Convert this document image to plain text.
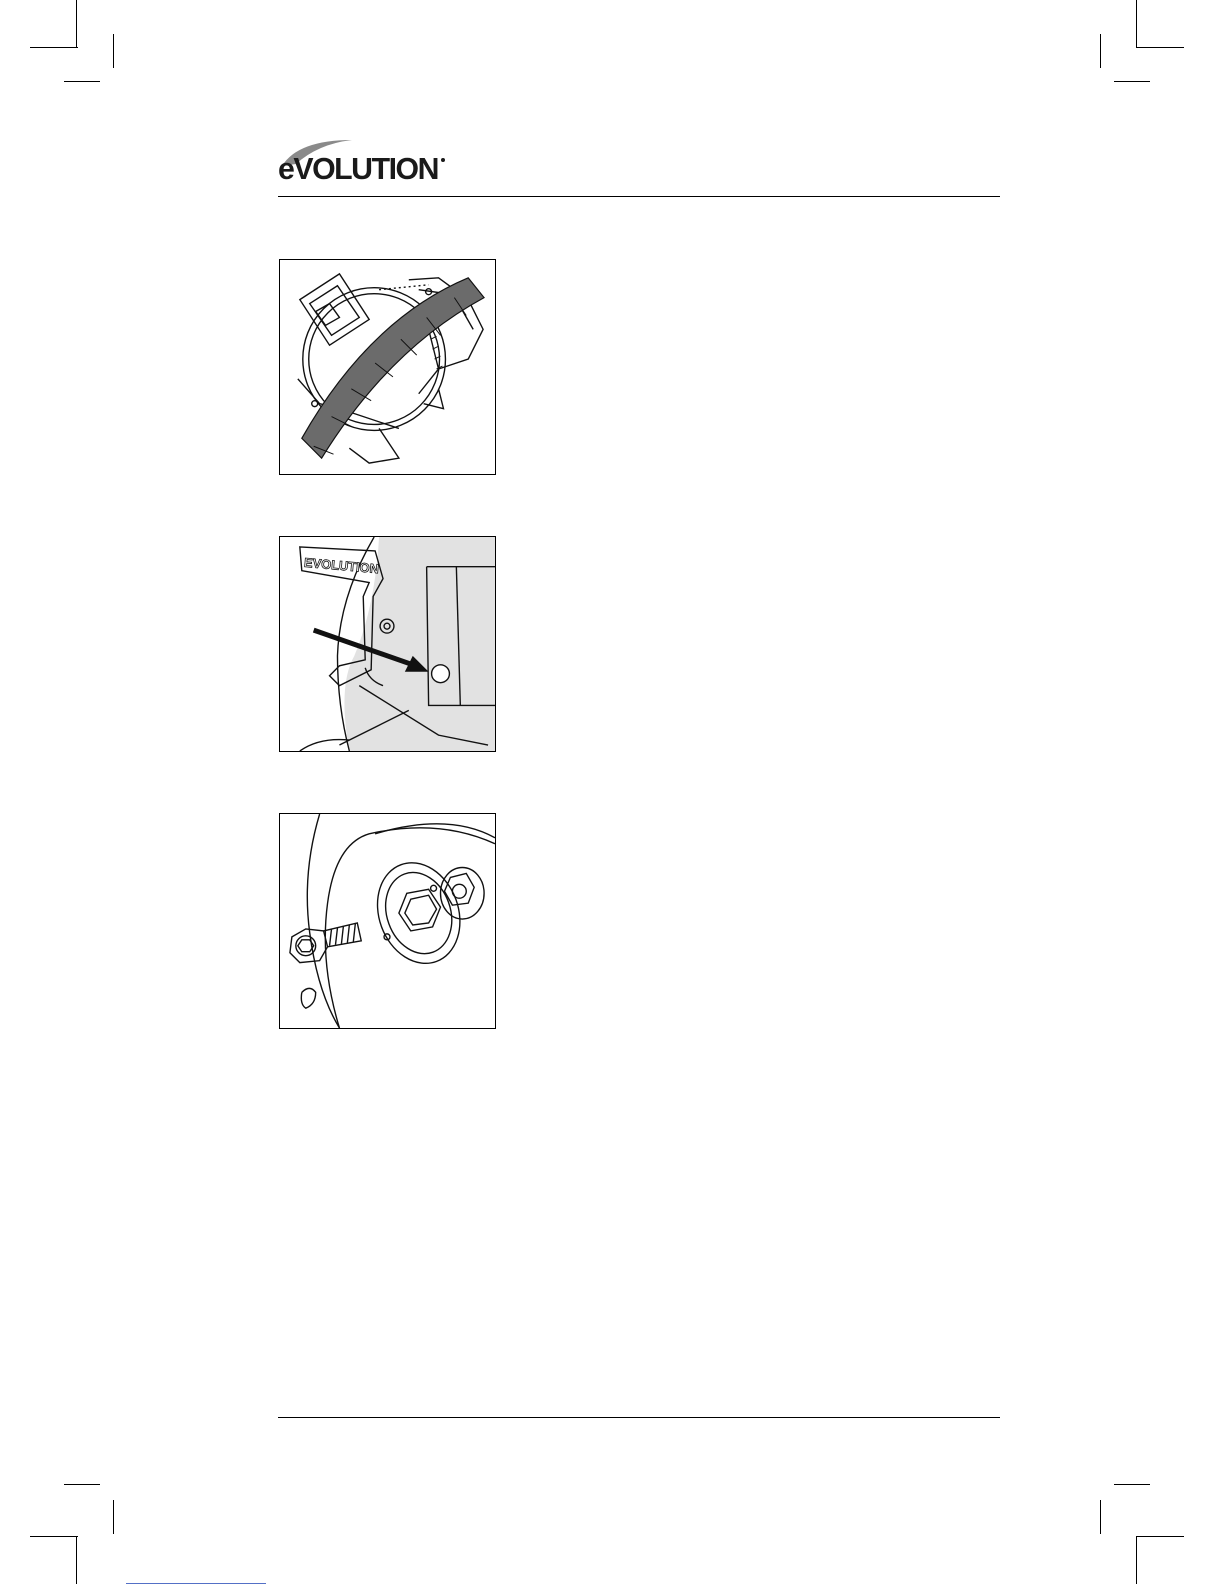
eVOLUTION
EVOLUTION
